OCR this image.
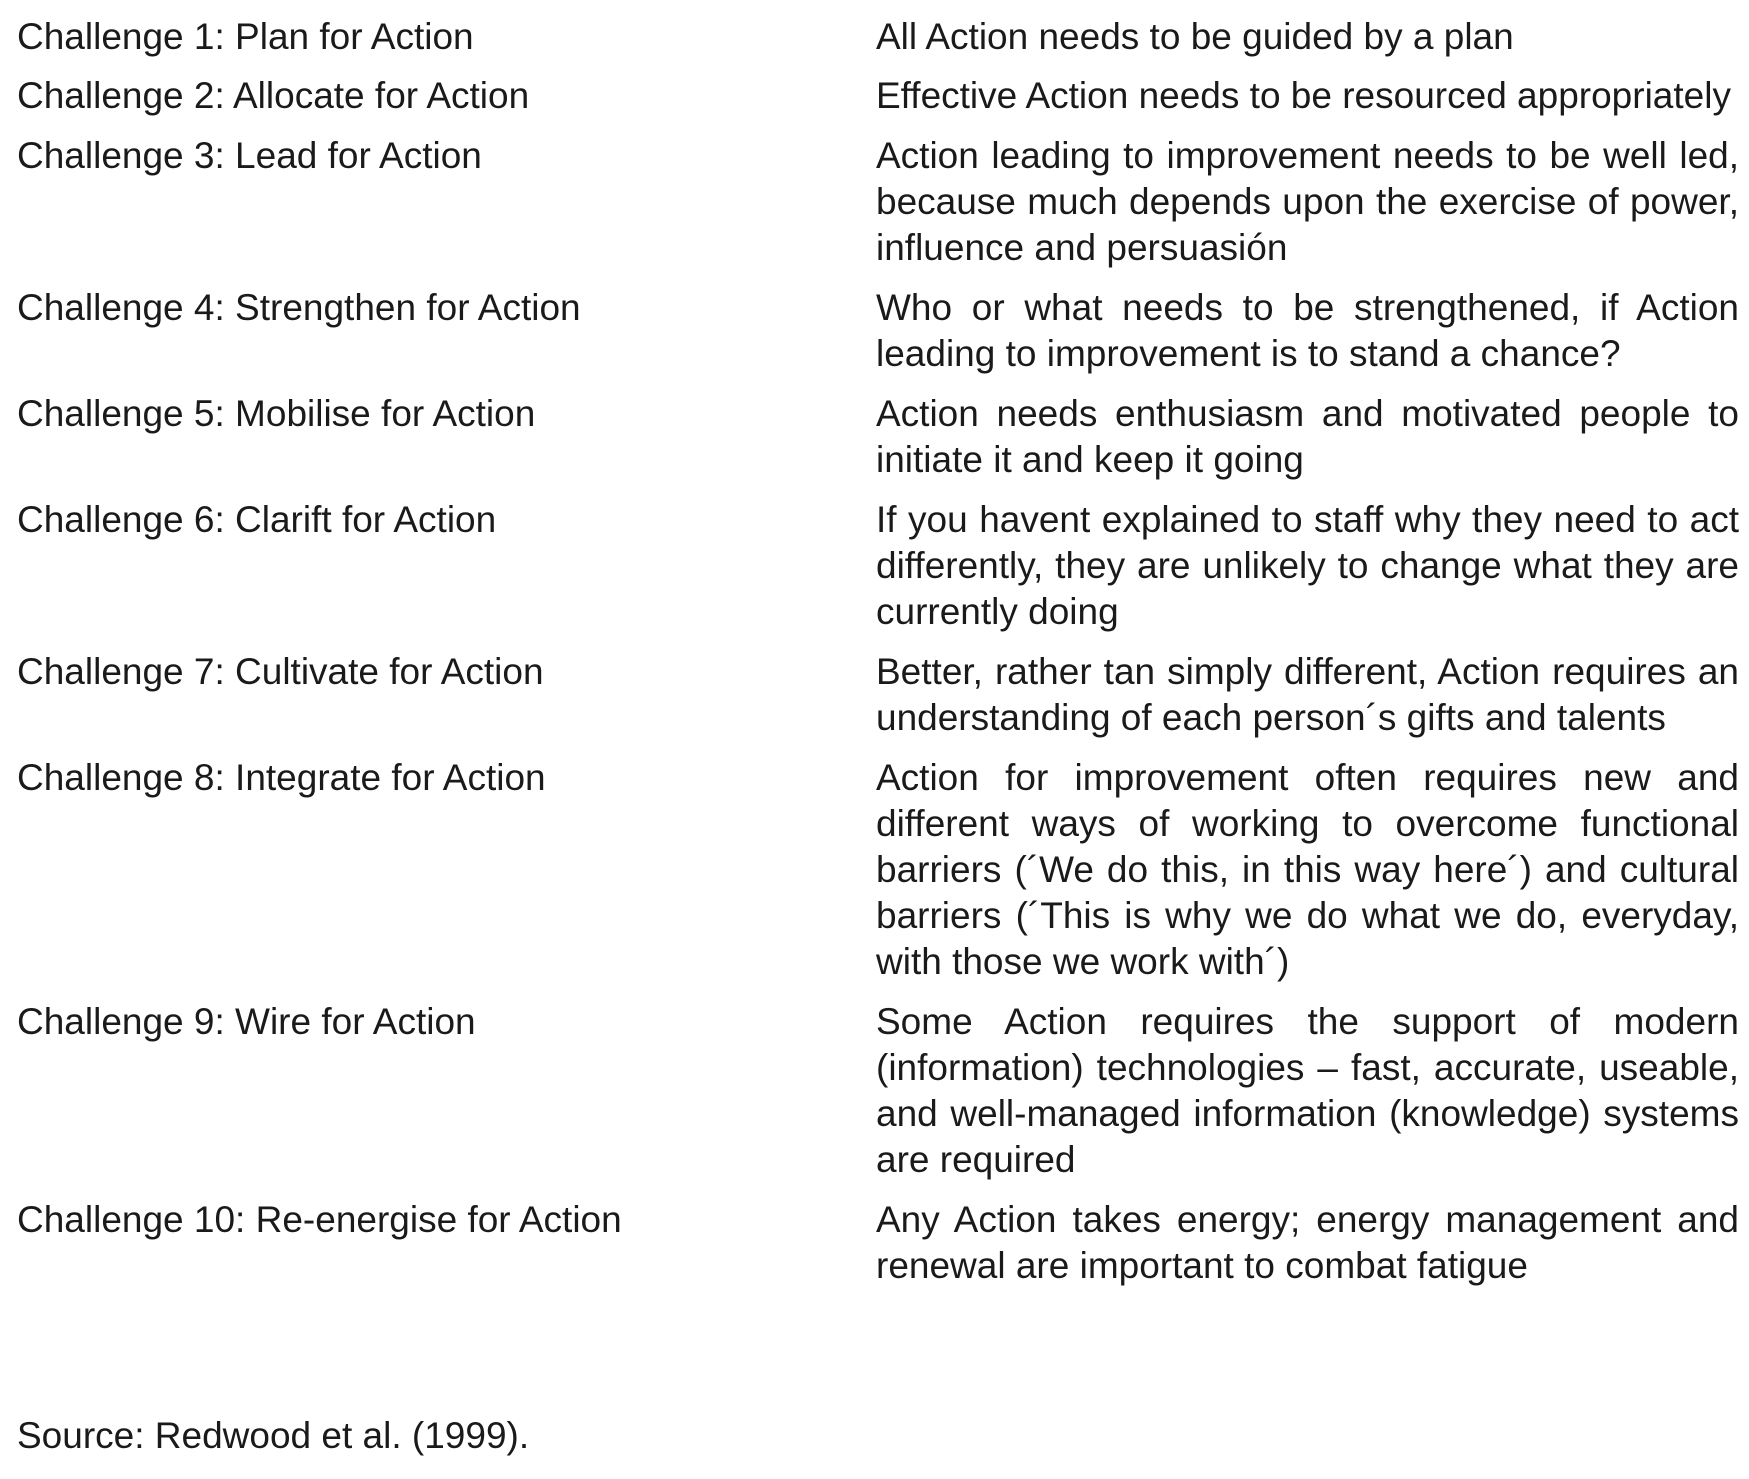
Challenge 1: Plan for Action	All Action needs to be guided by a plan
Challenge 2: Allocate for Action	Effective Action needs to be resourced appropriately
Challenge 3: Lead for Action	Action leading to improvement needs to be well led, because much depends upon the exercise of power, influence and persuasión
Challenge 4: Strengthen for Action	Who or what needs to be strengthened, if Action leading to improvement is to stand a chance?
Challenge 5: Mobilise for Action	Action needs enthusiasm and motivated people to initiate it and keep it going
Challenge 6: Clarift for Action	If you havent explained to staff why they need to act differently, they are unlikely to change what they are currently doing
Challenge 7: Cultivate for Action	Better, rather tan simply different, Action requires an understanding of each person´s gifts and talents
Challenge 8: Integrate for Action	Action for improvement often requires new and different ways of working to overcome functional barriers (´We do this, in this way here´) and cultural barriers (´This is why we do what we do, everyday, with those we work with´)
Challenge 9: Wire for Action	Some Action requires the support of modern (information) technologies – fast, accurate, useable, and well-managed information (knowledge) systems are required
Challenge 10: Re-energise for Action	Any Action takes energy; energy management and renewal are important to combat fatigue
Source: Redwood et al. (1999).
